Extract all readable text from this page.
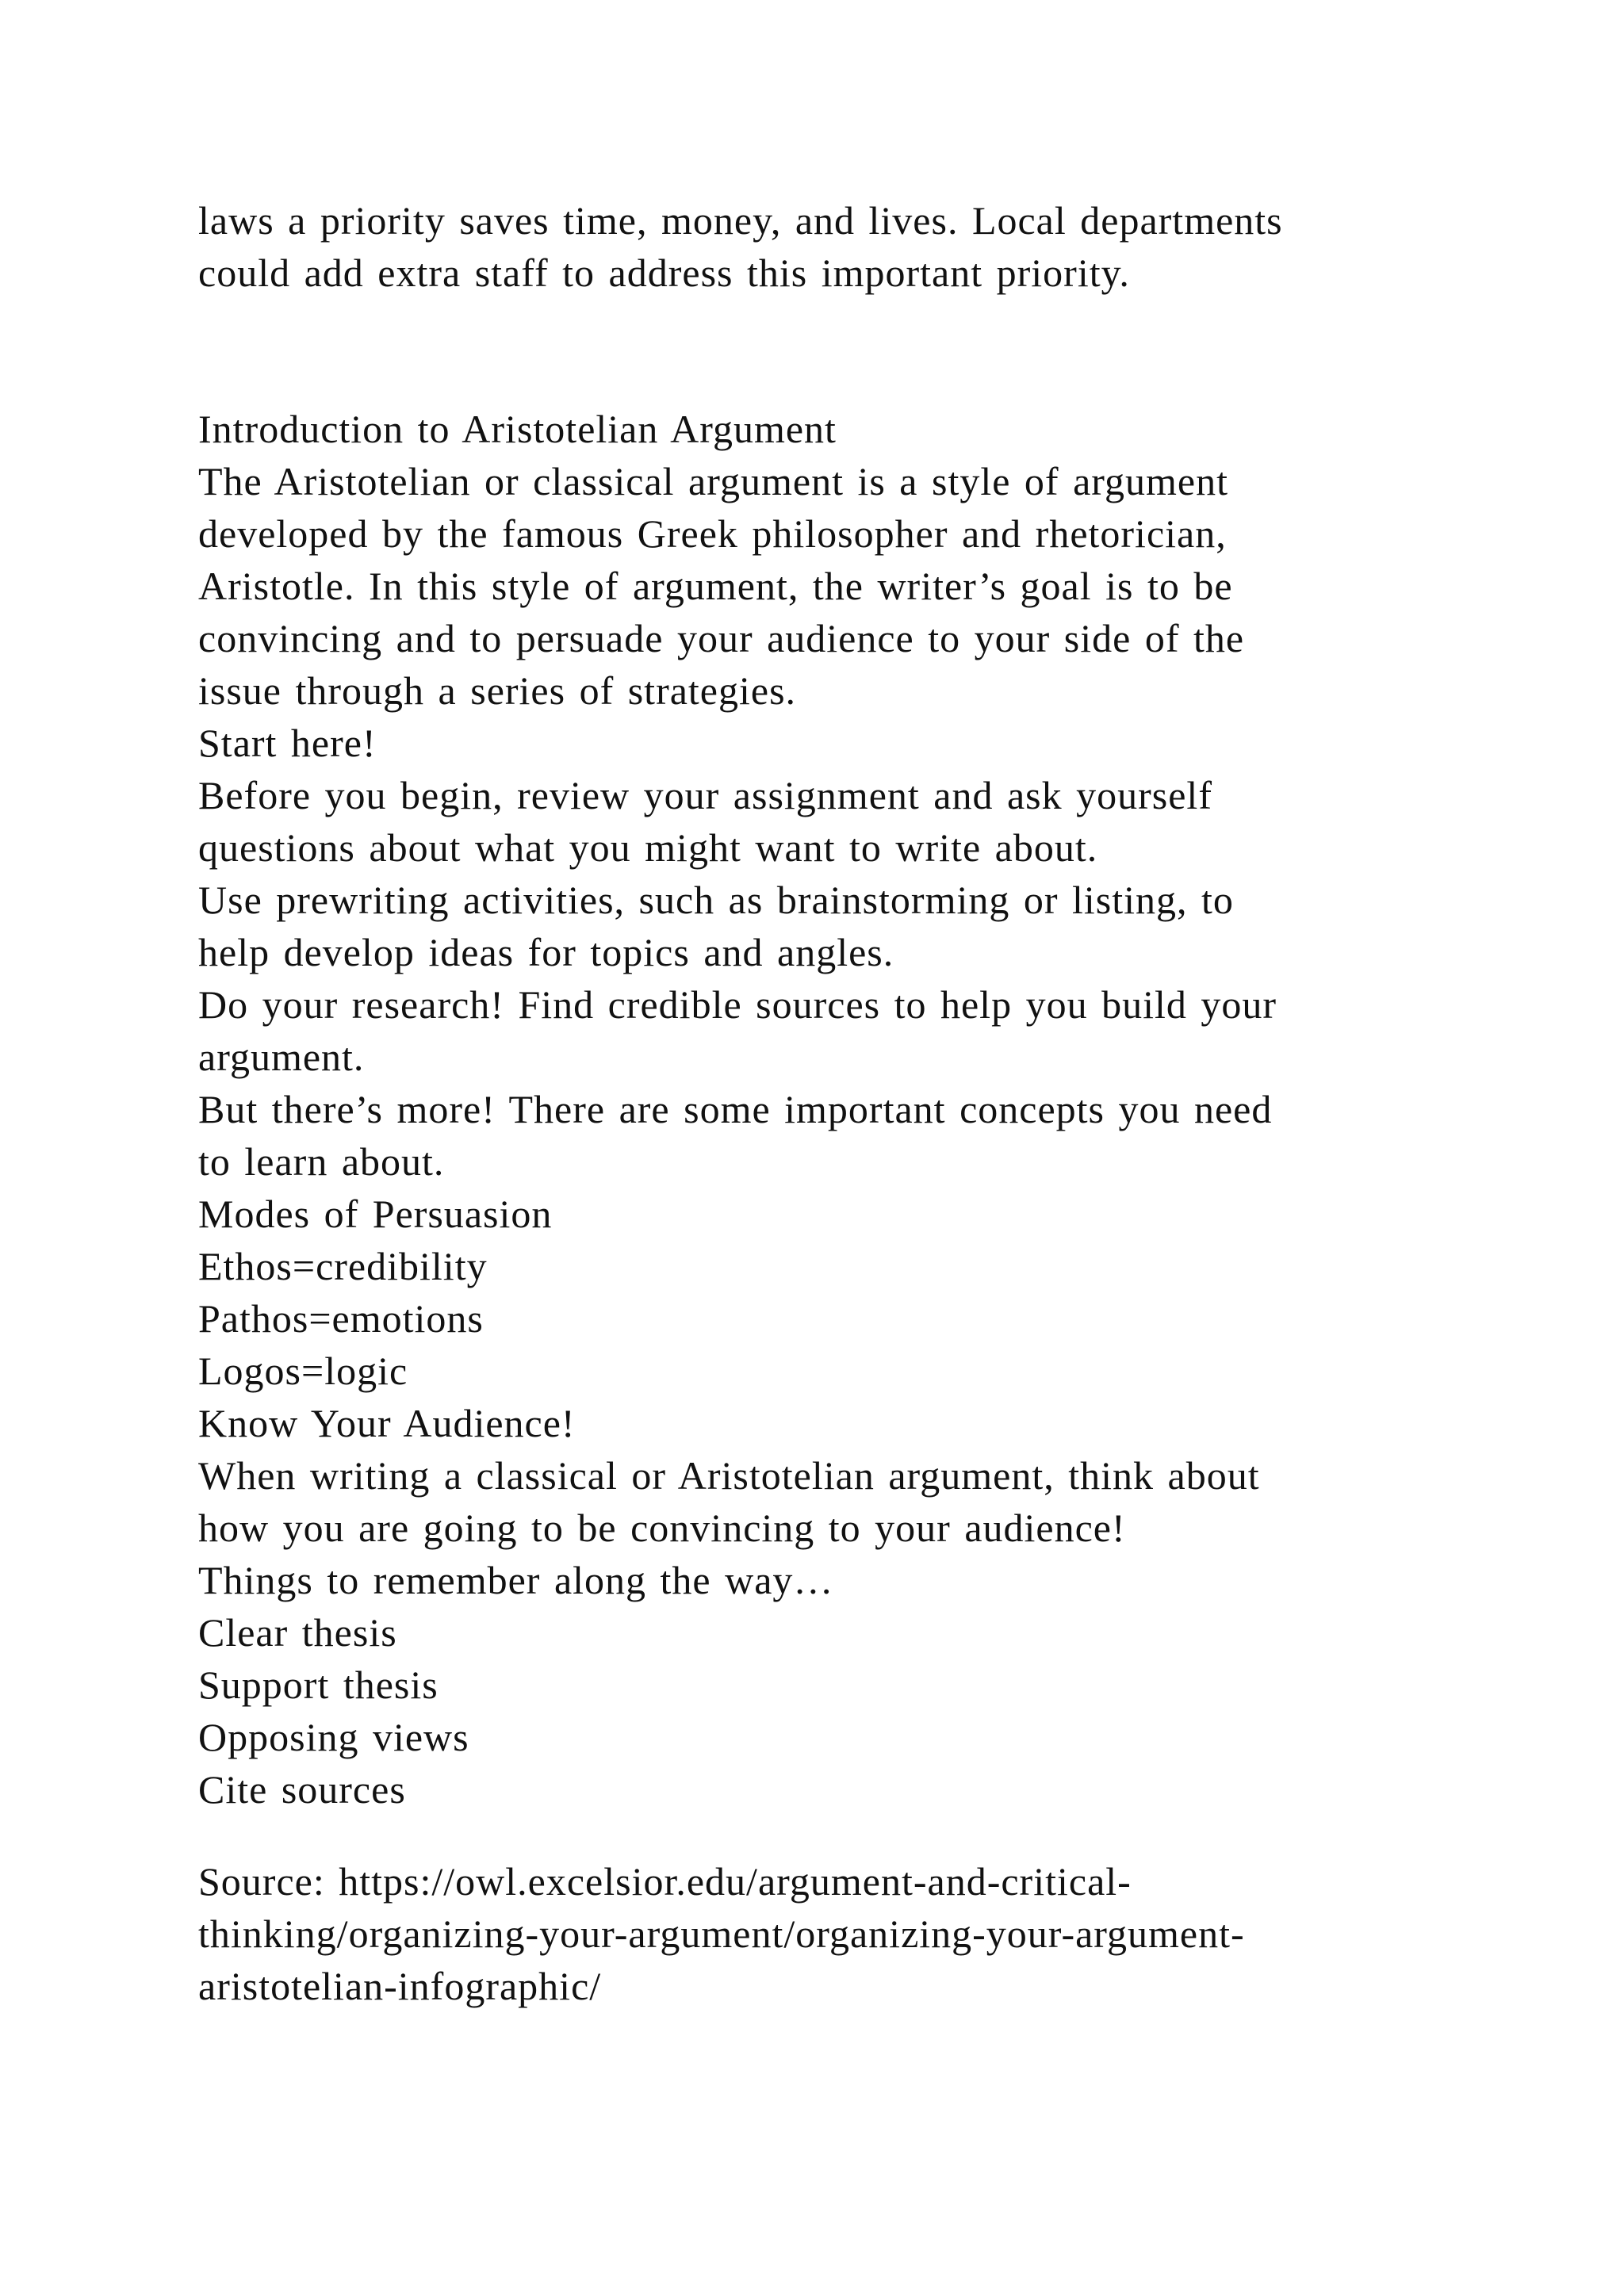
laws a priority saves time, money, and lives. Local departments
could add extra staff to address this important priority.
Introduction to Aristotelian Argument
The Aristotelian or classical argument is a style of argument
developed by the famous Greek philosopher and rhetorician,
Aristotle. In this style of argument, the writer’s goal is to be
convincing and to persuade your audience to your side of the
issue through a series of strategies.
Start here!
Before you begin, review your assignment and ask yourself
questions about what you might want to write about.
Use prewriting activities, such as brainstorming or listing, to
help develop ideas for topics and angles.
Do your research! Find credible sources to help you build your
argument.
But there’s more! There are some important concepts you need
to learn about.
Modes of Persuasion
Ethos=credibility
Pathos=emotions
Logos=logic
Know Your Audience!
When writing a classical or Aristotelian argument, think about
how you are going to be convincing to your audience!
Things to remember along the way…
Clear thesis
Support thesis
Opposing views
Cite sources
Source: https://owl.excelsior.edu/argument-and-critical-
thinking/organizing-your-argument/organizing-your-argument-
aristotelian-infographic/
